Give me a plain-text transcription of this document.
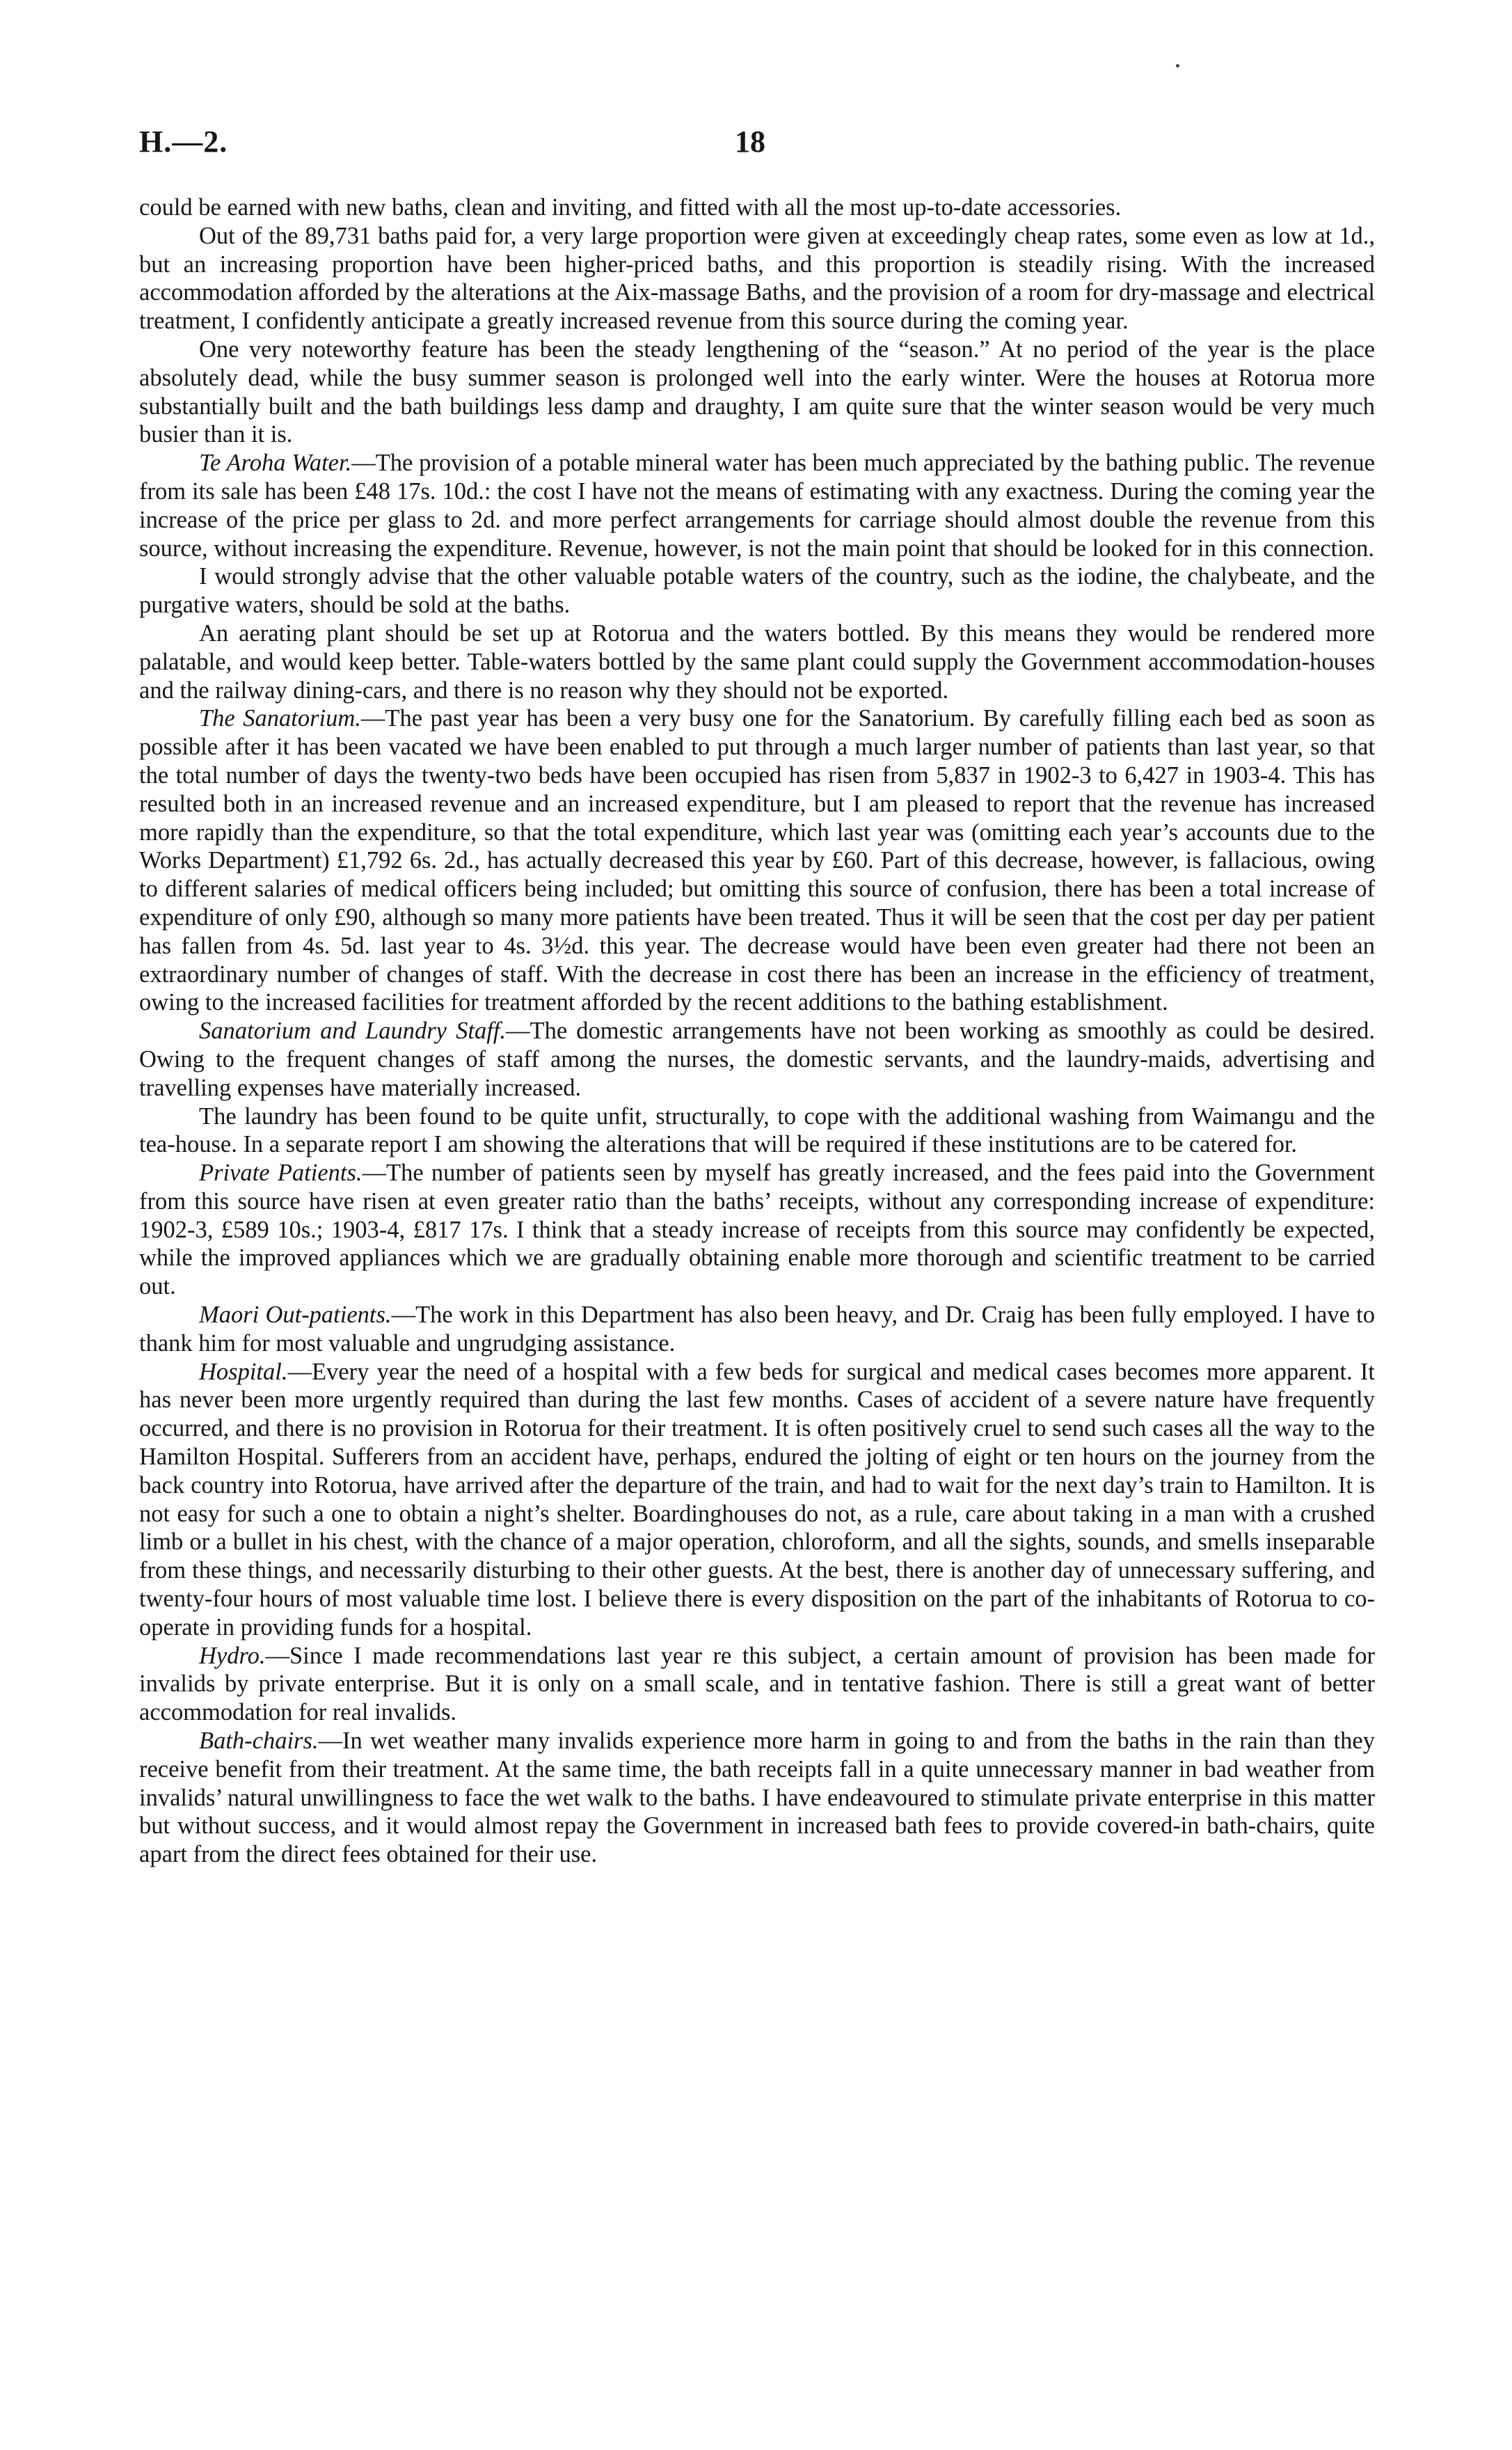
H.—2.	18

could be earned with new baths, clean and inviting, and fitted with all the most up-to-date accessories.

Out of the 89,731 baths paid for, a very large proportion were given at exceedingly cheap rates, some even as low at 1d., but an increasing proportion have been higher-priced baths, and this proportion is steadily rising. With the increased accommodation afforded by the alterations at the Aix-massage Baths, and the provision of a room for dry-massage and electrical treatment, I confidently anticipate a greatly increased revenue from this source during the coming year.

One very noteworthy feature has been the steady lengthening of the “season.” At no period of the year is the place absolutely dead, while the busy summer season is prolonged well into the early winter. Were the houses at Rotorua more substantially built and the bath buildings less damp and draughty, I am quite sure that the winter season would be very much busier than it is.

Te Aroha Water.—The provision of a potable mineral water has been much appreciated by the bathing public. The revenue from its sale has been £48 17s. 10d.: the cost I have not the means of estimating with any exactness. During the coming year the increase of the price per glass to 2d. and more perfect arrangements for carriage should almost double the revenue from this source, without increasing the expenditure. Revenue, however, is not the main point that should be looked for in this connection.

I would strongly advise that the other valuable potable waters of the country, such as the iodine, the chalybeate, and the purgative waters, should be sold at the baths.

An aerating plant should be set up at Rotorua and the waters bottled. By this means they would be rendered more palatable, and would keep better. Table-waters bottled by the same plant could supply the Government accommodation-houses and the railway dining-cars, and there is no reason why they should not be exported.

The Sanatorium.—The past year has been a very busy one for the Sanatorium. By carefully filling each bed as soon as possible after it has been vacated we have been enabled to put through a much larger number of patients than last year, so that the total number of days the twenty-two beds have been occupied has risen from 5,837 in 1902-3 to 6,427 in 1903-4. This has resulted both in an increased revenue and an increased expenditure, but I am pleased to report that the revenue has increased more rapidly than the expenditure, so that the total expenditure, which last year was (omitting each year’s accounts due to the Works Department) £1,792 6s. 2d., has actually decreased this year by £60. Part of this decrease, however, is fallacious, owing to different salaries of medical officers being included; but omitting this source of confusion, there has been a total increase of expenditure of only £90, although so many more patients have been treated. Thus it will be seen that the cost per day per patient has fallen from 4s. 5d. last year to 4s. 3½d. this year. The decrease would have been even greater had there not been an extraordinary number of changes of staff. With the decrease in cost there has been an increase in the efficiency of treatment, owing to the increased facilities for treatment afforded by the recent additions to the bathing establishment.

Sanatorium and Laundry Staff.—The domestic arrangements have not been working as smoothly as could be desired. Owing to the frequent changes of staff among the nurses, the domestic servants, and the laundry-maids, advertising and travelling expenses have materially increased.

The laundry has been found to be quite unfit, structurally, to cope with the additional washing from Waimangu and the tea-house. In a separate report I am showing the alterations that will be required if these institutions are to be catered for.

Private Patients.—The number of patients seen by myself has greatly increased, and the fees paid into the Government from this source have risen at even greater ratio than the baths’ receipts, without any corresponding increase of expenditure: 1902-3, £589 10s.; 1903-4, £817 17s. I think that a steady increase of receipts from this source may confidently be expected, while the improved appliances which we are gradually obtaining enable more thorough and scientific treatment to be carried out.

Maori Out-patients.—The work in this Department has also been heavy, and Dr. Craig has been fully employed. I have to thank him for most valuable and ungrudging assistance.

Hospital.—Every year the need of a hospital with a few beds for surgical and medical cases becomes more apparent. It has never been more urgently required than during the last few months. Cases of accident of a severe nature have frequently occurred, and there is no provision in Rotorua for their treatment. It is often positively cruel to send such cases all the way to the Hamilton Hospital. Sufferers from an accident have, perhaps, endured the jolting of eight or ten hours on the journey from the back country into Rotorua, have arrived after the departure of the train, and had to wait for the next day’s train to Hamilton. It is not easy for such a one to obtain a night’s shelter. Boardinghouses do not, as a rule, care about taking in a man with a crushed limb or a bullet in his chest, with the chance of a major operation, chloroform, and all the sights, sounds, and smells inseparable from these things, and necessarily disturbing to their other guests. At the best, there is another day of unnecessary suffering, and twenty-four hours of most valuable time lost. I believe there is every disposition on the part of the inhabitants of Rotorua to co-operate in providing funds for a hospital.

Hydro.—Since I made recommendations last year re this subject, a certain amount of provision has been made for invalids by private enterprise. But it is only on a small scale, and in tentative fashion. There is still a great want of better accommodation for real invalids.

Bath-chairs.—In wet weather many invalids experience more harm in going to and from the baths in the rain than they receive benefit from their treatment. At the same time, the bath receipts fall in a quite unnecessary manner in bad weather from invalids’ natural unwillingness to face the wet walk to the baths. I have endeavoured to stimulate private enterprise in this matter but without success, and it would almost repay the Government in increased bath fees to provide covered-in bath-chairs, quite apart from the direct fees obtained for their use.
